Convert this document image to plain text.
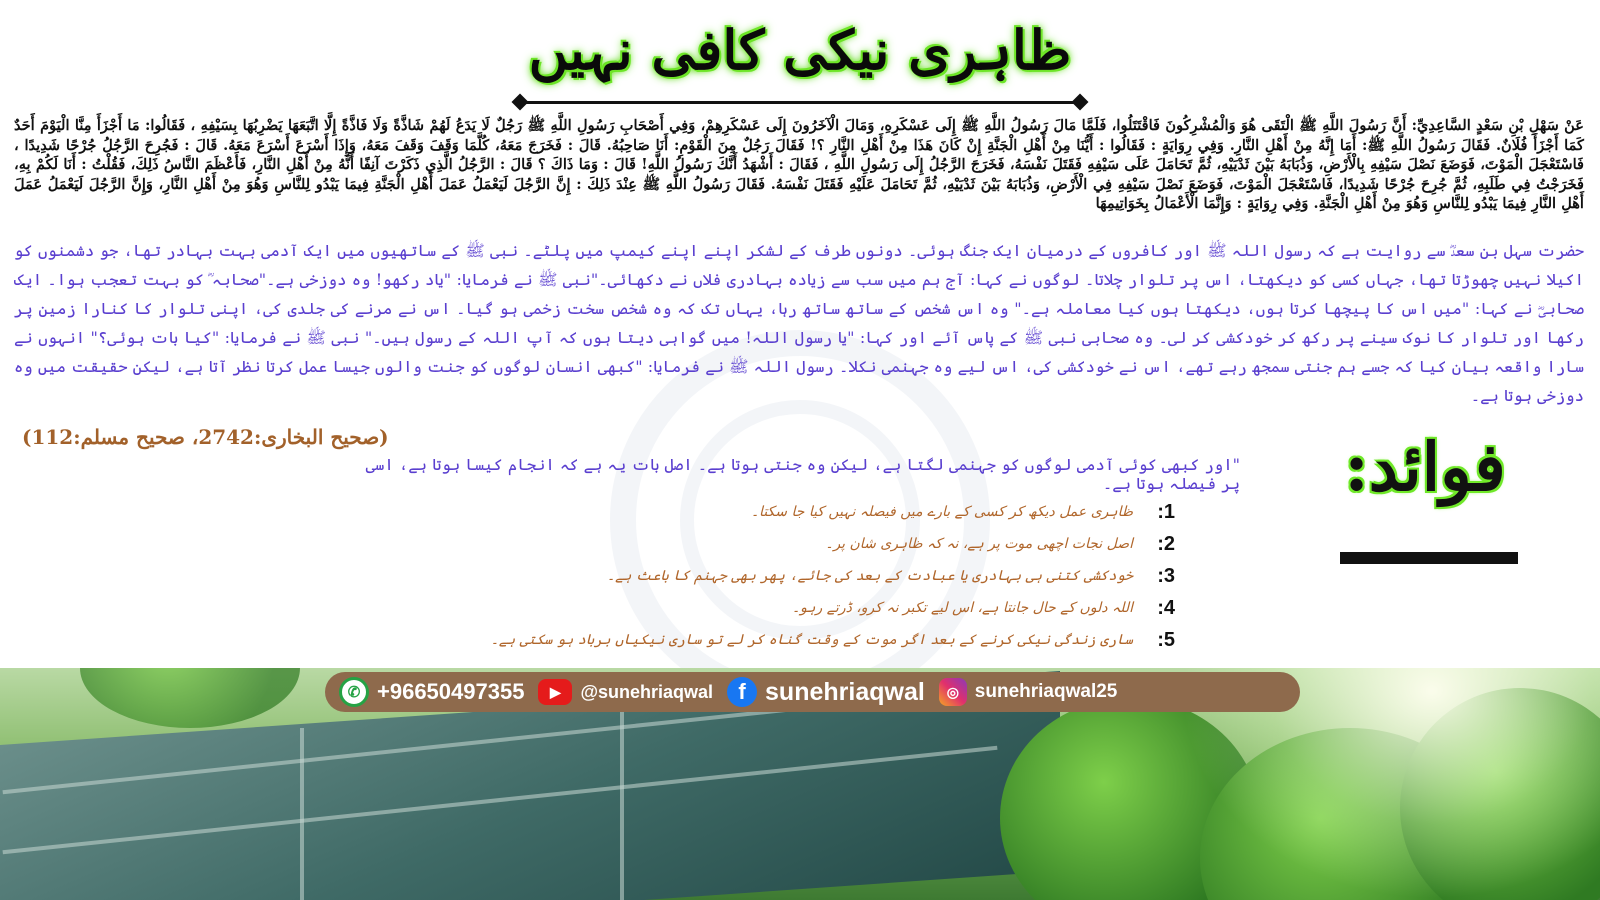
ظاہری نیکی کافی نہیں
عَنْ سَهْلِ بْنِ سَعْدٍ السَّاعِدِيِّ: أَنَّ رَسُولَ اللَّهِ ﷺ الْتَقَى هُوَ وَالْمُشْرِكُونَ فَاقْتَتَلُوا، فَلَمَّا مَالَ رَسُولُ اللَّهِ ﷺ إِلَى عَسْكَرِهِ، وَمَالَ الْآخَرُونَ إِلَى عَسْكَرِهِمْ، وَفِي أَصْحَابِ رَسُولِ اللَّهِ ﷺ رَجُلٌ لَا يَدَعُ لَهُمْ شَاذَّةً وَلَا فَاذَّةً إِلَّا اتَّبَعَهَا يَضْرِبُهَا بِسَيْفِهِ ، فَقَالُوا: مَا أَجْزَأَ مِنَّا الْيَوْمَ أَحَدٌ كَمَا أَجْزَأَ فُلَانٌ. فَقَالَ رَسُولُ اللَّهِ ﷺ: أَمَا إِنَّهُ مِنْ أَهْلِ النَّارِ. وَفِي رِوَايَةٍ : فَقَالُوا : أَيُّنَا مِنْ أَهْلِ الْجَنَّةِ إِنْ كَانَ هَذَا مِنْ أَهْلِ النَّارِ ؟! فَقَالَ رَجُلٌ مِنَ الْقَوْمِ: أَنَا صَاحِبُهُ. قَالَ : فَخَرَجَ مَعَهُ، كُلَّمَا وَقَفَ وَقَفَ مَعَهُ، وَإِذَا أَسْرَعَ أَسْرَعَ مَعَهُ. قَالَ : فَجُرِحَ الرَّجُلُ جُرْحًا شَدِيدًا ، فَاسْتَعْجَلَ الْمَوْتَ، فَوَضَعَ نَصْلَ سَيْفِهِ بِالْأَرْضِ، وَذُبَابَهُ بَيْنَ ثَدْيَيْهِ، ثُمَّ تَحَامَلَ عَلَى سَيْفِهِ فَقَتَلَ نَفْسَهُ، فَخَرَجَ الرَّجُلُ إِلَى رَسُولِ اللَّهِ ، فَقَالَ : أَشْهَدُ أَنَّكَ رَسُولُ اللَّهِ! قَالَ : وَمَا ذَاكَ ؟ قَالَ : الرَّجُلُ الَّذِي ذَكَرْتَ آنِفًا أَنَّهُ مِنْ أَهْلِ النَّارِ، فَأَعْظَمَ النَّاسُ ذَلِكَ، فَقُلْتُ : أَنَا لَكُمْ بِهِ، فَخَرَجْتُ فِي طَلَبِهِ، ثُمَّ جُرِحَ جُرْحًا شَدِيدًا، فَاسْتَعْجَلَ الْمَوْتَ، فَوَضَعَ نَصْلَ سَيْفِهِ فِي الْأَرْضِ، وَذُبَابَهُ بَيْنَ ثَدْيَيْهِ، ثُمَّ تَحَامَلَ عَلَيْهِ فَقَتَلَ نَفْسَهُ. فَقَالَ رَسُولُ اللَّهِ ﷺ عِنْدَ ذَلِكَ : إِنَّ الرَّجُلَ لَيَعْمَلُ عَمَلَ أَهْلِ الْجَنَّةِ فِيمَا يَبْدُو لِلنَّاسِ وَهُوَ مِنْ أَهْلِ النَّارِ، وَإِنَّ الرَّجُلَ لَيَعْمَلُ عَمَلَ أَهْلِ النَّارِ فِيمَا يَبْدُو لِلنَّاسِ وَهُوَ مِنْ أَهْلِ الْجَنَّةِ. وَفِي رِوَايَةٍ : وَإِنَّمَا الْأَعْمَالُ بِخَوَاتِيمِهَا
حضرت سہل بن سعدؓ سے روایت ہے کہ رسول اللہ ﷺ اور کافروں کے درمیان ایک جنگ ہوئی۔ دونوں طرف کے لشکر اپنے اپنے کیمپ میں پلٹے۔ نبی ﷺ کے ساتھیوں میں ایک آدمی بہت بہادر تھا، جو دشمنوں کو اکیلا نہیں چھوڑتا تھا، جہاں کسی کو دیکھتا، اس پر تلوار چلاتا۔ لوگوں نے کہا: آج ہم میں سب سے زیادہ بہادری فلاں نے دکھائی۔"نبی ﷺ نے فرمایا: "یاد رکھو! وہ دوزخی ہے۔"صحابہ ؓ کو بہت تعجب ہوا۔ ایک صحابیؓ نے کہا: "میں اس کا پیچھا کرتا ہوں، دیکھتا ہوں کیا معاملہ ہے۔" وہ اس شخص کے ساتھ ساتھ رہا، یہاں تک کہ وہ شخص سخت زخمی ہو گیا۔ اس نے مرنے کی جلدی کی، اپنی تلوار کا کنارا زمین پر رکھا اور تلوار کا نوک سینے پر رکھ کر خودکشی کر لی۔ وہ صحابی نبی ﷺ کے پاس آئے اور کہا: "یا رسول اللہ! میں گواہی دیتا ہوں کہ آپ اللہ کے رسول ہیں۔" نبی ﷺ نے فرمایا: "کیا بات ہوئی؟" انہوں نے سارا واقعہ بیان کیا کہ جسے ہم جنتی سمجھ رہے تھے، اس نے خودکشی کی، اس لیے وہ جہنمی نکلا۔ رسول اللہ ﷺ نے فرمایا: "کبھی انسان لوگوں کو جنت والوں جیسا عمل کرتا نظر آتا ہے، لیکن حقیقت میں وہ دوزخی ہوتا ہے۔
(صحیح البخاری:2742، صحیح مسلم:112)
"اور کبھی کوئی آدمی لوگوں کو جہنمی لگتا ہے، لیکن وہ جنتی ہوتا ہے۔ اصل بات یہ ہے کہ انجام کیسا ہوتا ہے، اسی پر فیصلہ ہوتا ہے۔
ظاہری عمل دیکھ کر کسی کے بارے میں فیصلہ نہیں کیا جا سکتا۔	:1
اصل نجات اچھی موت پر ہے، نہ کہ ظاہری شان پر۔	:2
خودکشی کتنی ہی بہادری یا عبادت کے بعد کی جائے، پھر بھی جہنم کا باعث ہے۔	:3
اللہ دلوں کے حال جانتا ہے، اس لیے تکبر نہ کرو، ڈرتے رہو۔	:4
ساری زندگی نیکی کرنے کے بعد اگر موت کے وقت گناہ کر لے تو ساری نیکیاں برباد ہو سکتی ہے۔	:5
فوائد:
✆ +96650497355	▶	@sunehriaqwal	f sunehriaqwal	◎ sunehriaqwal25
